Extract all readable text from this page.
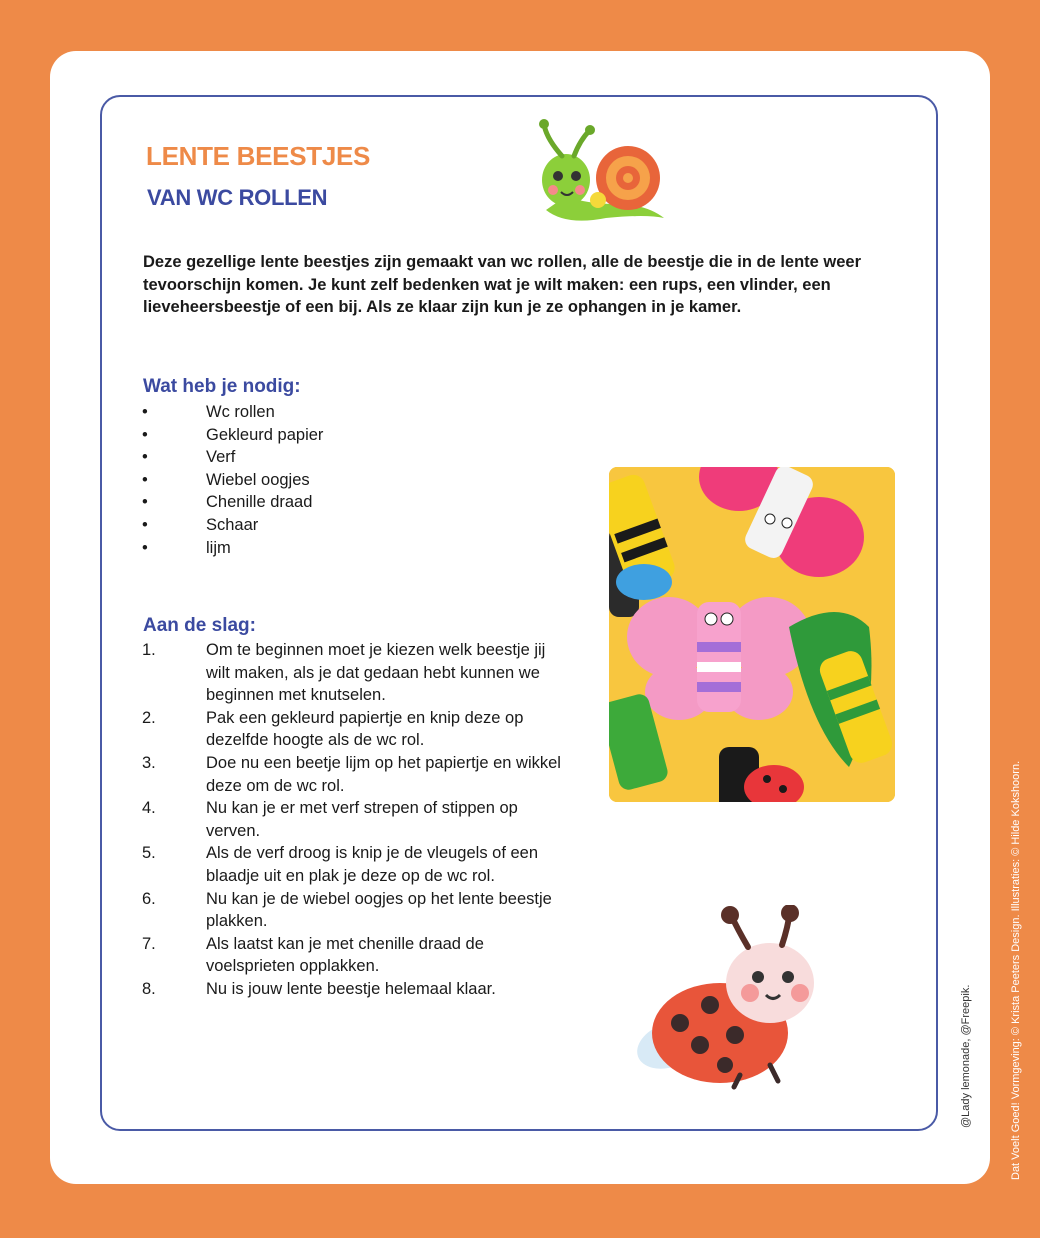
LENTE BEESTJES
VAN WC ROLLEN

Deze gezellige lente beestjes zijn gemaakt van wc rollen, alle de beestje die in de lente weer tevoorschijn komen. Je kunt zelf bedenken wat je wilt maken: een rups, een vlinder, een lieveheersbeestje of een bij. Als ze klaar zijn kun je ze ophangen in je kamer.

Wat heb je nodig:
•	Wc rollen
•	Gekleurd papier
•	Verf
•	Wiebel oogjes
•	Chenille draad
•	Schaar
•	lijm
Aan de slag:
1.	Om te beginnen moet je kiezen welk beestje jij wilt maken, als je dat gedaan hebt kunnen we beginnen met knutselen.
2.	Pak een gekleurd papiertje en knip deze op dezelfde hoogte als de wc rol.
3.	Doe nu een beetje lijm op het papiertje en wikkel deze om de wc rol.
4.	Nu kan je er met verf strepen of stippen op verven.
5.	Als de verf droog is knip je de vleugels of een blaadje uit en plak je deze op de wc rol.
6.	Nu kan je de wiebel oogjes op het lente beestje plakken.
7.	Als laatst kan je met chenille draad de voelsprieten opplakken.
8.	Nu is jouw lente beestje helemaal klaar.	@Lady lemonade, @Freepik.	Dat Voelt Goed! Vormgeving: © Krista Peeters Design. Illustraties: © Hilde Kokshoorn.
